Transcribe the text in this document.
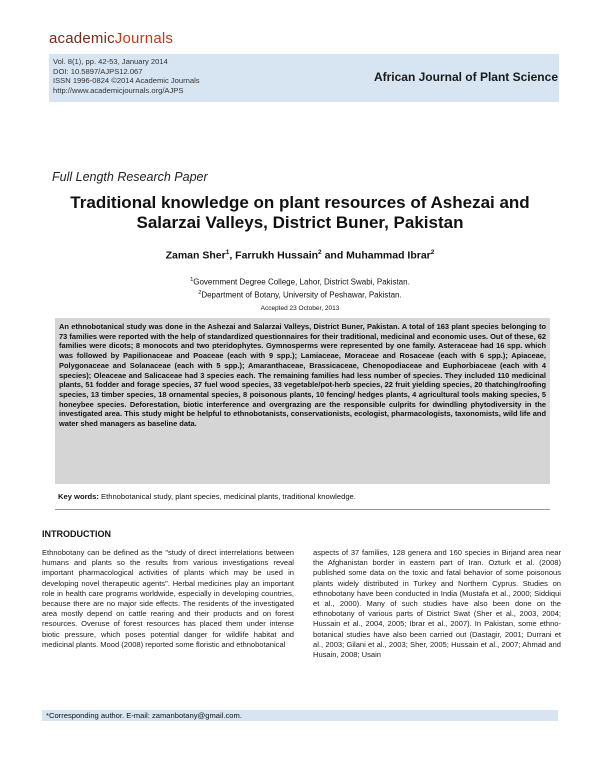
academicJournals
Vol. 8(1), pp. 42-53, January 2014
DOI: 10.5897/AJPS12.067
ISSN 1996-0824 ©2014 Academic Journals
http://www.academicjournals.org/AJPS
African Journal of Plant Science
Full Length Research Paper
Traditional knowledge on plant resources of Ashezai and Salarzai Valleys, District Buner, Pakistan
Zaman Sher$^1$, Farrukh Hussain$^2$ and Muhammad Ibrar$^2$
$^1$Government Degree College, Lahor, District Swabi, Pakistan.
$^2$Department of Botany, University of Peshawar, Pakistan.
Accepted 23 October, 2013
An ethnobotanical study was done in the Ashezai and Salarzai Valleys, District Buner, Pakistan. A total of 163 plant species belonging to 73 families were reported with the help of standardized questionnaires for their traditional, medicinal and economic uses. Out of these, 62 families were dicots; 8 monocots and two pteridophytes. Gymnosperms were represented by one family. Asteraceae had 16 spp. which was followed by Papilionaceae and Poaceae (each with 9 spp.); Lamiaceae, Moraceae and Rosaceae (each with 6 spp.); Apiaceae, Polygonaceae and Solanaceae (each with 5 spp.); Amaranthaceae, Brassicaceae, Chenopodiaceae and Euphorbiaceae (each with 4 species); Oleaceae and Salicaceae had 3 species each. The remaining families had less number of species. They included 110 medicinal plants, 51 fodder and forage species, 37 fuel wood species, 33 vegetable/pot-herb species, 22 fruit yielding species, 20 thatching/roofing species, 13 timber species, 18 ornamental species, 8 poisonous plants, 10 fencing/ hedges plants, 4 agricultural tools making species, 5 honeybee species. Deforestation, biotic interference and overgrazing are the responsible culprits for dwindling phytodiversity in the investigated area. This study might be helpful to ethnobotanists, conservationists, ecologist, pharmacologists, taxonomists, wild life and water shed managers as baseline data.
Key words: Ethnobotanical study, plant species, medicinal plants, traditional knowledge.
INTRODUCTION
Ethnobotany can be defined as the "study of direct interrelations between humans and plants so the results from various investigations reveal important pharmacological activities of plants which may be used in developing novel therapeutic agents". Herbal medicines play an important role in health care programs worldwide, especially in developing countries, because there are no major side effects. The residents of the investigated area mostly depend on cattle rearing and their products and on forest resources. Overuse of forest resources has placed them under intense biotic pressure, which poses potential danger for wildlife habitat and medicinal plants. Mood (2008) reported some floristic and ethnobotanical
aspects of 37 families, 128 genera and 160 species in Birjand area near the Afghanistan border in eastern part of Iran. Ozturk et al. (2008) published some data on the toxic and fatal behavior of some poisonous plants widely distributed in Turkey and Northern Cyprus. Studies on ethnobotany have been conducted in India (Mustafa et al., 2000; Siddiqui et al., 2000). Many of such studies have also been done on the ethnobotany of various parts of District Swat (Sher et al., 2003, 2004; Hussain et al., 2004, 2005; Ibrar et al., 2007). In Pakistan, some ethno-botanical studies have also been carried out (Dastagir, 2001; Durrani et al., 2003; Gilani et al., 2003; Sher, 2005; Hussain et al., 2007; Ahmad and Husain, 2008; Usain
*Corresponding author. E-mail: zamanbotany@gmail.com.
